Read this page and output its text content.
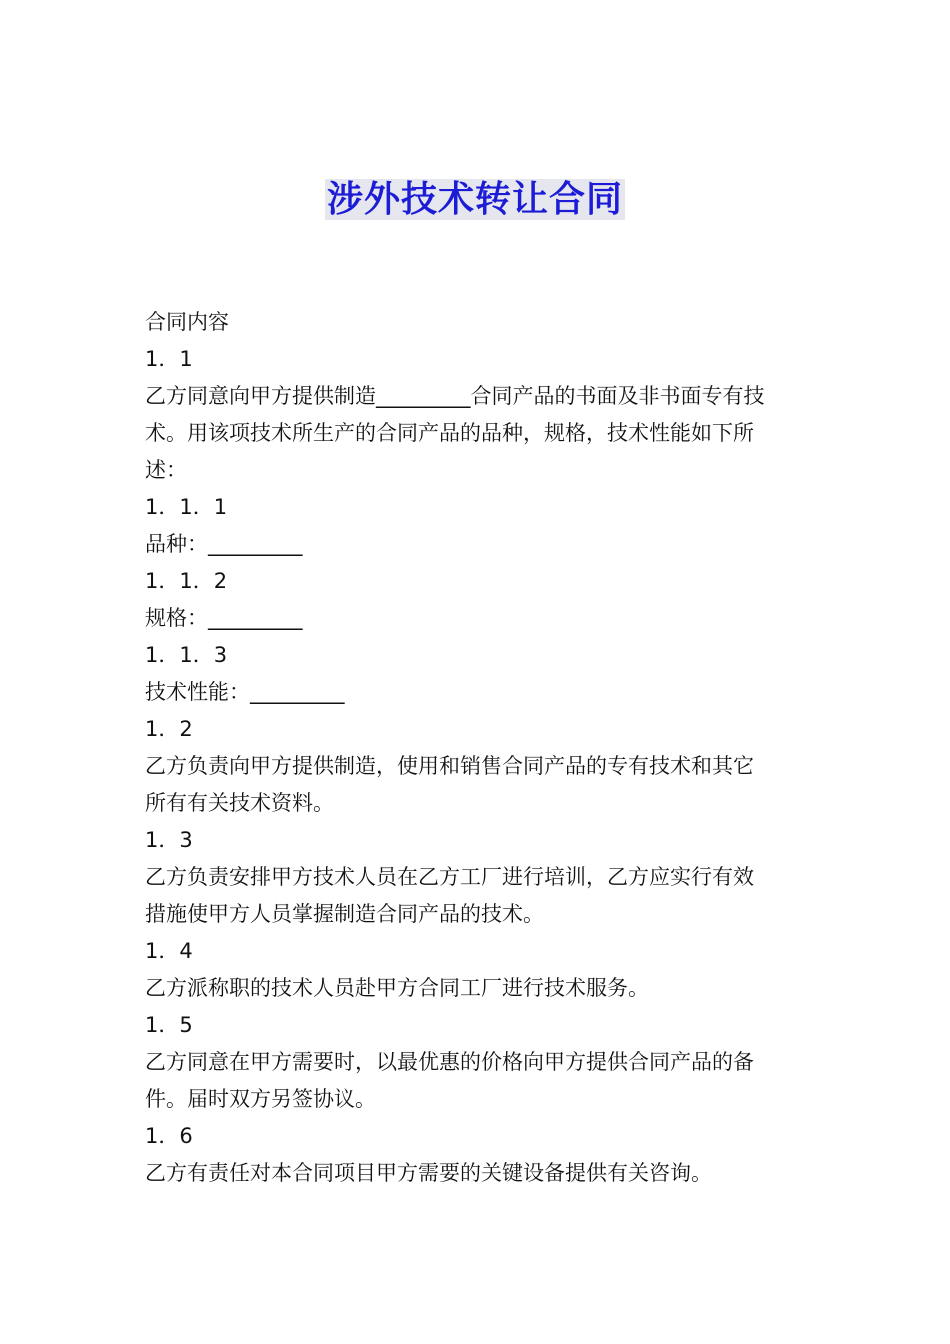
涉外技术转让合同
合同内容
1．1
乙方同意向甲方提供制造_________合同产品的书面及非书面专有技
术。用该项技术所生产的合同产品的品种，规格，技术性能如下所
述：
1．1．1
品种：_________
1．1．2
规格：_________
1．1．3
技术性能：_________
1．2
乙方负责向甲方提供制造，使用和销售合同产品的专有技术和其它
所有有关技术资料。
1．3
乙方负责安排甲方技术人员在乙方工厂进行培训，乙方应实行有效
措施使甲方人员掌握制造合同产品的技术。
1．4
乙方派称职的技术人员赴甲方合同工厂进行技术服务。
1．5
乙方同意在甲方需要时，以最优惠的价格向甲方提供合同产品的备
件。届时双方另签协议。
1．6
乙方有责任对本合同项目甲方需要的关键设备提供有关咨询。
